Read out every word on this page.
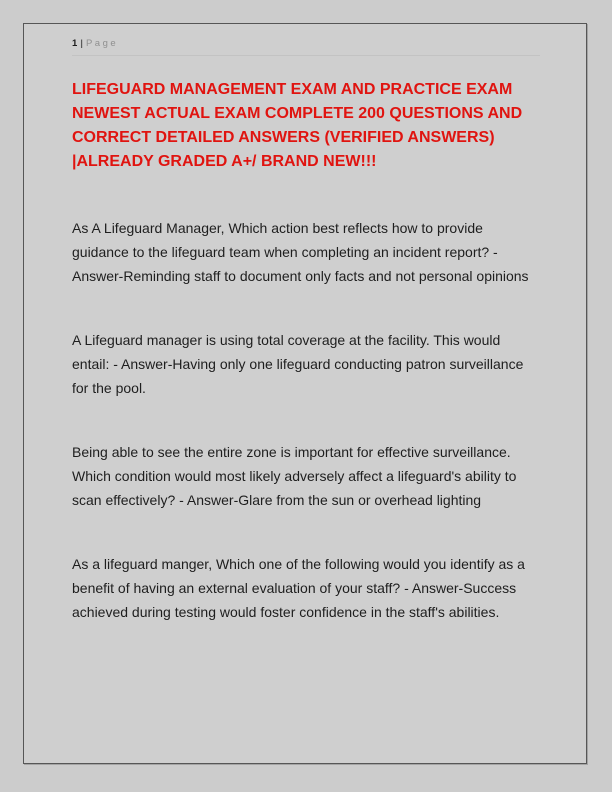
1 | Page
LIFEGUARD MANAGEMENT EXAM AND PRACTICE EXAM NEWEST ACTUAL EXAM COMPLETE 200 QUESTIONS AND CORRECT DETAILED ANSWERS (VERIFIED ANSWERS) |ALREADY GRADED A+/ BRAND NEW!!!

As A Lifeguard Manager, Which action best reflects how to provide guidance to the lifeguard team when completing an incident report? - Answer-Reminding staff to document only facts and not personal opinions

A Lifeguard manager is using total coverage at the facility. This would entail: - Answer-Having only one lifeguard conducting patron surveillance for the pool.

Being able to see the entire zone is important for effective surveillance. Which condition would most likely adversely affect a lifeguard's ability to scan effectively? - Answer-Glare from the sun or overhead lighting

As a lifeguard manger, Which one of the following would you identify as a benefit of having an external evaluation of your staff? - Answer-Success achieved during testing would foster confidence in the staff's abilities.
